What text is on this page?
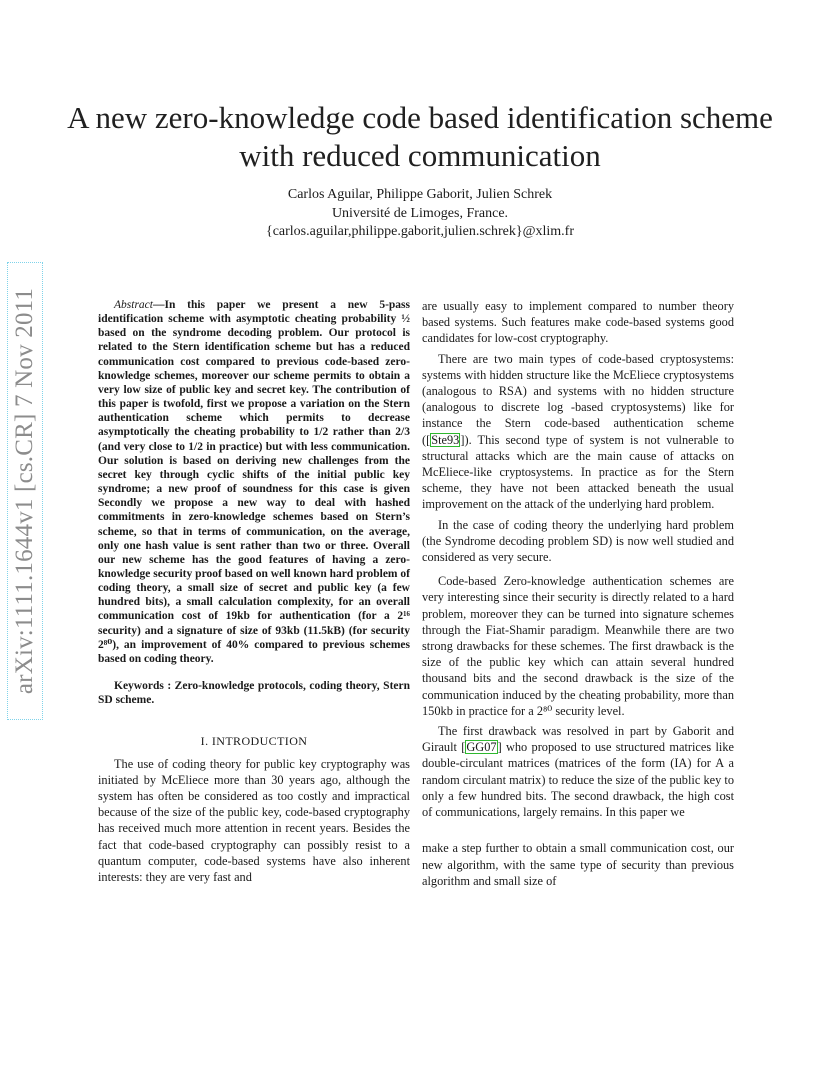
arXiv:1111.1644v1 [cs.CR] 7 Nov 2011
A new zero-knowledge code based identification scheme with reduced communication
Carlos Aguilar, Philippe Gaborit, Julien Schrek
Université de Limoges, France.
{carlos.aguilar,philippe.gaborit,julien.schrek}@xlim.fr

Abstract—In this paper we present a new 5-pass identification scheme with asymptotic cheating probability ½ based on the syndrome decoding problem. Our protocol is related to the Stern identification scheme but has a reduced communication cost compared to previous code-based zero-knowledge schemes, moreover our scheme permits to obtain a very low size of public key and secret key. The contribution of this paper is twofold, first we propose a variation on the Stern authentication scheme which permits to decrease asymptotically the cheating probability to 1/2 rather than 2/3 (and very close to 1/2 in practice) but with less communication. Our solution is based on deriving new challenges from the secret key through cyclic shifts of the initial public key syndrome; a new proof of soundness for this case is given Secondly we propose a new way to deal with hashed commitments in zero-knowledge schemes based on Stern’s scheme, so that in terms of communication, on the average, only one hash value is sent rather than two or three. Overall our new scheme has the good features of having a zero-knowledge security proof based on well known hard problem of coding theory, a small size of secret and public key (a few hundred bits), a small calculation complexity, for an overall communication cost of 19kb for authentication (for a 2¹⁶ security) and a signature of size of 93kb (11.5kB) (for security 2⁸⁰), an improvement of 40% compared to previous schemes based on coding theory.

Keywords : Zero-knowledge protocols, coding theory, Stern SD scheme.

I. INTRODUCTION

The use of coding theory for public key cryptography was initiated by McEliece more than 30 years ago, although the system has often be considered as too costly and impractical because of the size of the public key, code-based cryptography has received much more attention in recent years. Besides the fact that code-based cryptography can possibly resist to a quantum computer, code-based systems have also inherent interests: they are very fast and

are usually easy to implement compared to number theory based systems. Such features make code-based systems good candidates for low-cost cryptography.

There are two main types of code-based cryptosystems: systems with hidden structure like the McEliece cryptosystems (analogous to RSA) and systems with no hidden structure (analogous to discrete log -based cryptosystems) like for instance the Stern code-based authentication scheme ([Ste93]). This second type of system is not vulnerable to structural attacks which are the main cause of attacks on McEliece-like cryptosystems. In practice as for the Stern scheme, they have not been attacked beneath the usual improvement on the attack of the underlying hard problem.

In the case of coding theory the underlying hard problem (the Syndrome decoding problem SD) is now well studied and considered as very secure.

Code-based Zero-knowledge authentication schemes are very interesting since their security is directly related to a hard problem, moreover they can be turned into signature schemes through the Fiat-Shamir paradigm. Meanwhile there are two strong drawbacks for these schemes. The first drawback is the size of the public key which can attain several hundred thousand bits and the second drawback is the size of the communication induced by the cheating probability, more than 150kb in practice for a 2⁸⁰ security level.

The first drawback was resolved in part by Gaborit and Girault [GG07] who proposed to use structured matrices like double-circulant matrices (matrices of the form (IA) for A a random circulant matrix) to reduce the size of the public key to only a few hundred bits. The second drawback, the high cost of communications, largely remains. In this paper we

make a step further to obtain a small communication cost, our new algorithm, with the same type of security than previous algorithm and small size of
